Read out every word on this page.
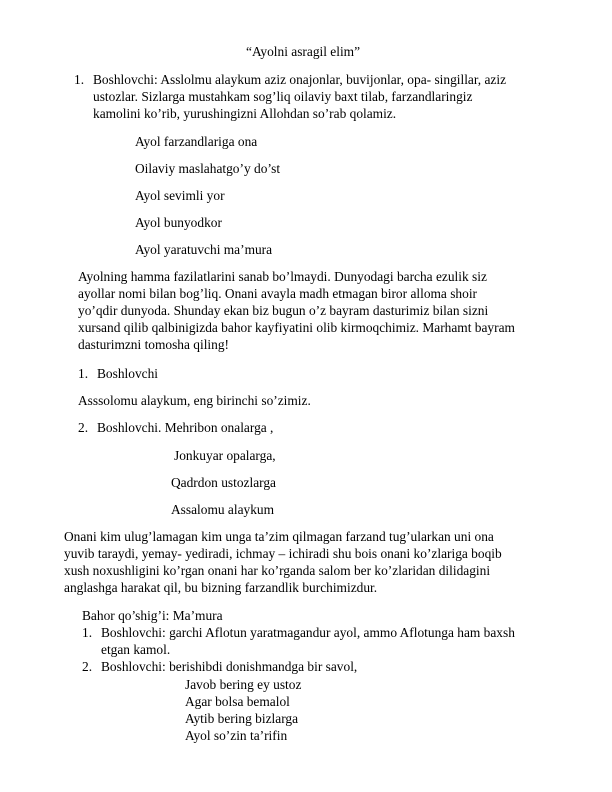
“Ayolni asragil elim”
1. Boshlovchi: Asslolmu alaykum aziz onajonlar, buvijonlar, opa- singillar, aziz
ustozlar. Sizlarga mustahkam sog’liq oilaviy baxt tilab, farzandlaringiz
kamolini ko’rib, yurushingizni Allohdan so’rab qolamiz.
Ayol farzandlariga ona
Oilaviy maslahatgo’y do’st
Ayol sevimli yor
Ayol bunyodkor
Ayol yaratuvchi ma’mura
Ayolning hamma fazilatlarini sanab bo’lmaydi. Dunyodagi barcha ezulik siz
ayollar nomi bilan bog’liq. Onani avayla madh etmagan biror alloma shoir
yo’qdir dunyoda. Shunday ekan biz bugun o’z bayram dasturimiz bilan sizni
xursand qilib qalbinigizda bahor kayfiyatini olib kirmoqchimiz. Marhamt bayram
dasturimzni tomosha qiling!
1. Boshlovchi
Asssolomu alaykum, eng birinchi so’zimiz.
2. Boshlovchi. Mehribon onalarga ,
Jonkuyar opalarga,
Qadrdon ustozlarga
Assalomu alaykum
Onani kim ulug’lamagan kim unga ta’zim qilmagan farzand tug’ularkan uni ona
yuvib taraydi, yemay- yediradi, ichmay – ichiradi shu bois onani ko’zlariga boqib
xush noxushligini ko’rgan onani har ko’rganda salom ber ko’zlaridan dilidagini
anglashga harakat qil, bu bizning farzandlik burchimizdur.
Bahor qo’shig’i: Ma’mura
1. Boshlovchi: garchi Aflotun yaratmagandur ayol, ammo Aflotunga ham baxsh
etgan kamol.
2. Boshlovchi: berishibdi donishmandga bir savol,
Javob bering ey ustoz
Agar bolsa bemalol
Aytib bering bizlarga
Ayol so’zin ta’rifin
